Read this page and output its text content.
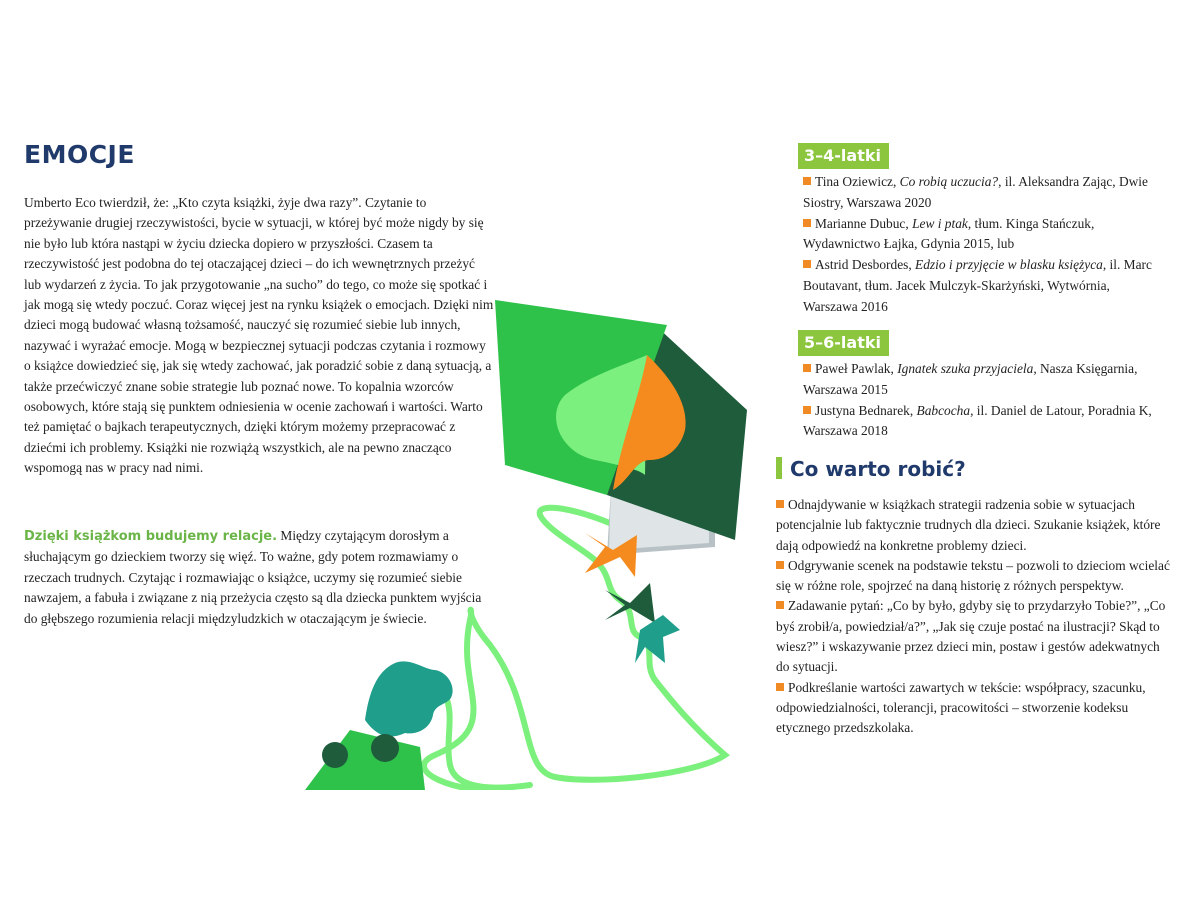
EMOCJE

Umberto Eco twierdził, że: „Kto czyta książki, żyje dwa razy”. Czytanie to przeżywanie drugiej rzeczywistości, bycie w sytuacji, w której być może nigdy by się nie było lub która nastąpi w życiu dziecka dopiero w przyszłości. Czasem ta rzeczywistość jest podobna do tej otaczającej dzieci – do ich wewnętrznych przeżyć lub wydarzeń z życia. To jak przygotowanie „na sucho” do tego, co może się spotkać i jak mogą się wtedy poczuć. Coraz więcej jest na rynku książek o emocjach. Dzięki nim dzieci mogą budować własną tożsamość, nauczyć się rozumieć siebie lub innych, nazywać i wyrażać emocje. Mogą w bezpiecznej sytuacji podczas czytania i rozmowy o książce dowiedzieć się, jak się wtedy zachować, jak poradzić sobie z daną sytuacją, a także przećwiczyć znane sobie strategie lub poznać nowe. To kopalnia wzorców osobowych, które stają się punktem odniesienia w ocenie zachowań i wartości. Warto też pamiętać o bajkach terapeutycznych, dzięki którym możemy przepracować z dziećmi ich problemy. Książki nie rozwiążą wszystkich, ale na pewno znacząco wspomogą nas w pracy nad nimi.

Dzięki książkom budujemy relacje. Między czytającym dorosłym a słuchającym go dzieckiem tworzy się więź. To ważne, gdy potem rozmawiamy o rzeczach trudnych. Czytając i rozmawiając o książce, uczymy się rozumieć siebie nawzajem, a fabuła i związane z nią przeżycia często są dla dziecka punktem wyjścia do głębszego rozumienia relacji międzyludzkich w otaczającym je świecie.

3–4-latki
Tina Oziewicz, Co robią uczucia?, il. Aleksandra Zając, Dwie Siostry, Warszawa 2020
Marianne Dubuc, Lew i ptak, tłum. Kinga Stańczuk, Wydawnictwo Łajka, Gdynia 2015, lub
Astrid Desbordes, Edzio i przyjęcie w blasku księżyca, il. Marc Boutavant, tłum. Jacek Mulczyk-Skarżyński, Wytwórnia, Warszawa 2016
5–6-latki
Paweł Pawlak, Ignatek szuka przyjaciela, Nasza Księgarnia, Warszawa 2015
Justyna Bednarek, Babcocha, il. Daniel de Latour, Poradnia K, Warszawa 2018
Co warto robić?
Odnajdywanie w książkach strategii radzenia sobie w sytuacjach potencjalnie lub faktycznie trudnych dla dzieci. Szukanie książek, które dają odpowiedź na konkretne problemy dzieci.
Odgrywanie scenek na podstawie tekstu – pozwoli to dzieciom wcielać się w różne role, spojrzeć na daną historię z różnych perspektyw.
Zadawanie pytań: „Co by było, gdyby się to przydarzyło Tobie?”, „Co byś zrobił/a, powiedział/a?”, „Jak się czuje postać na ilustracji? Skąd to wiesz?” i wskazywanie przez dzieci min, postaw i gestów adekwatnych do sytuacji.
Podkreślanie wartości zawartych w tekście: współpracy, szacunku, odpowiedzialności, tolerancji, pracowitości – stworzenie kodeksu etycznego przedszkolaka.
